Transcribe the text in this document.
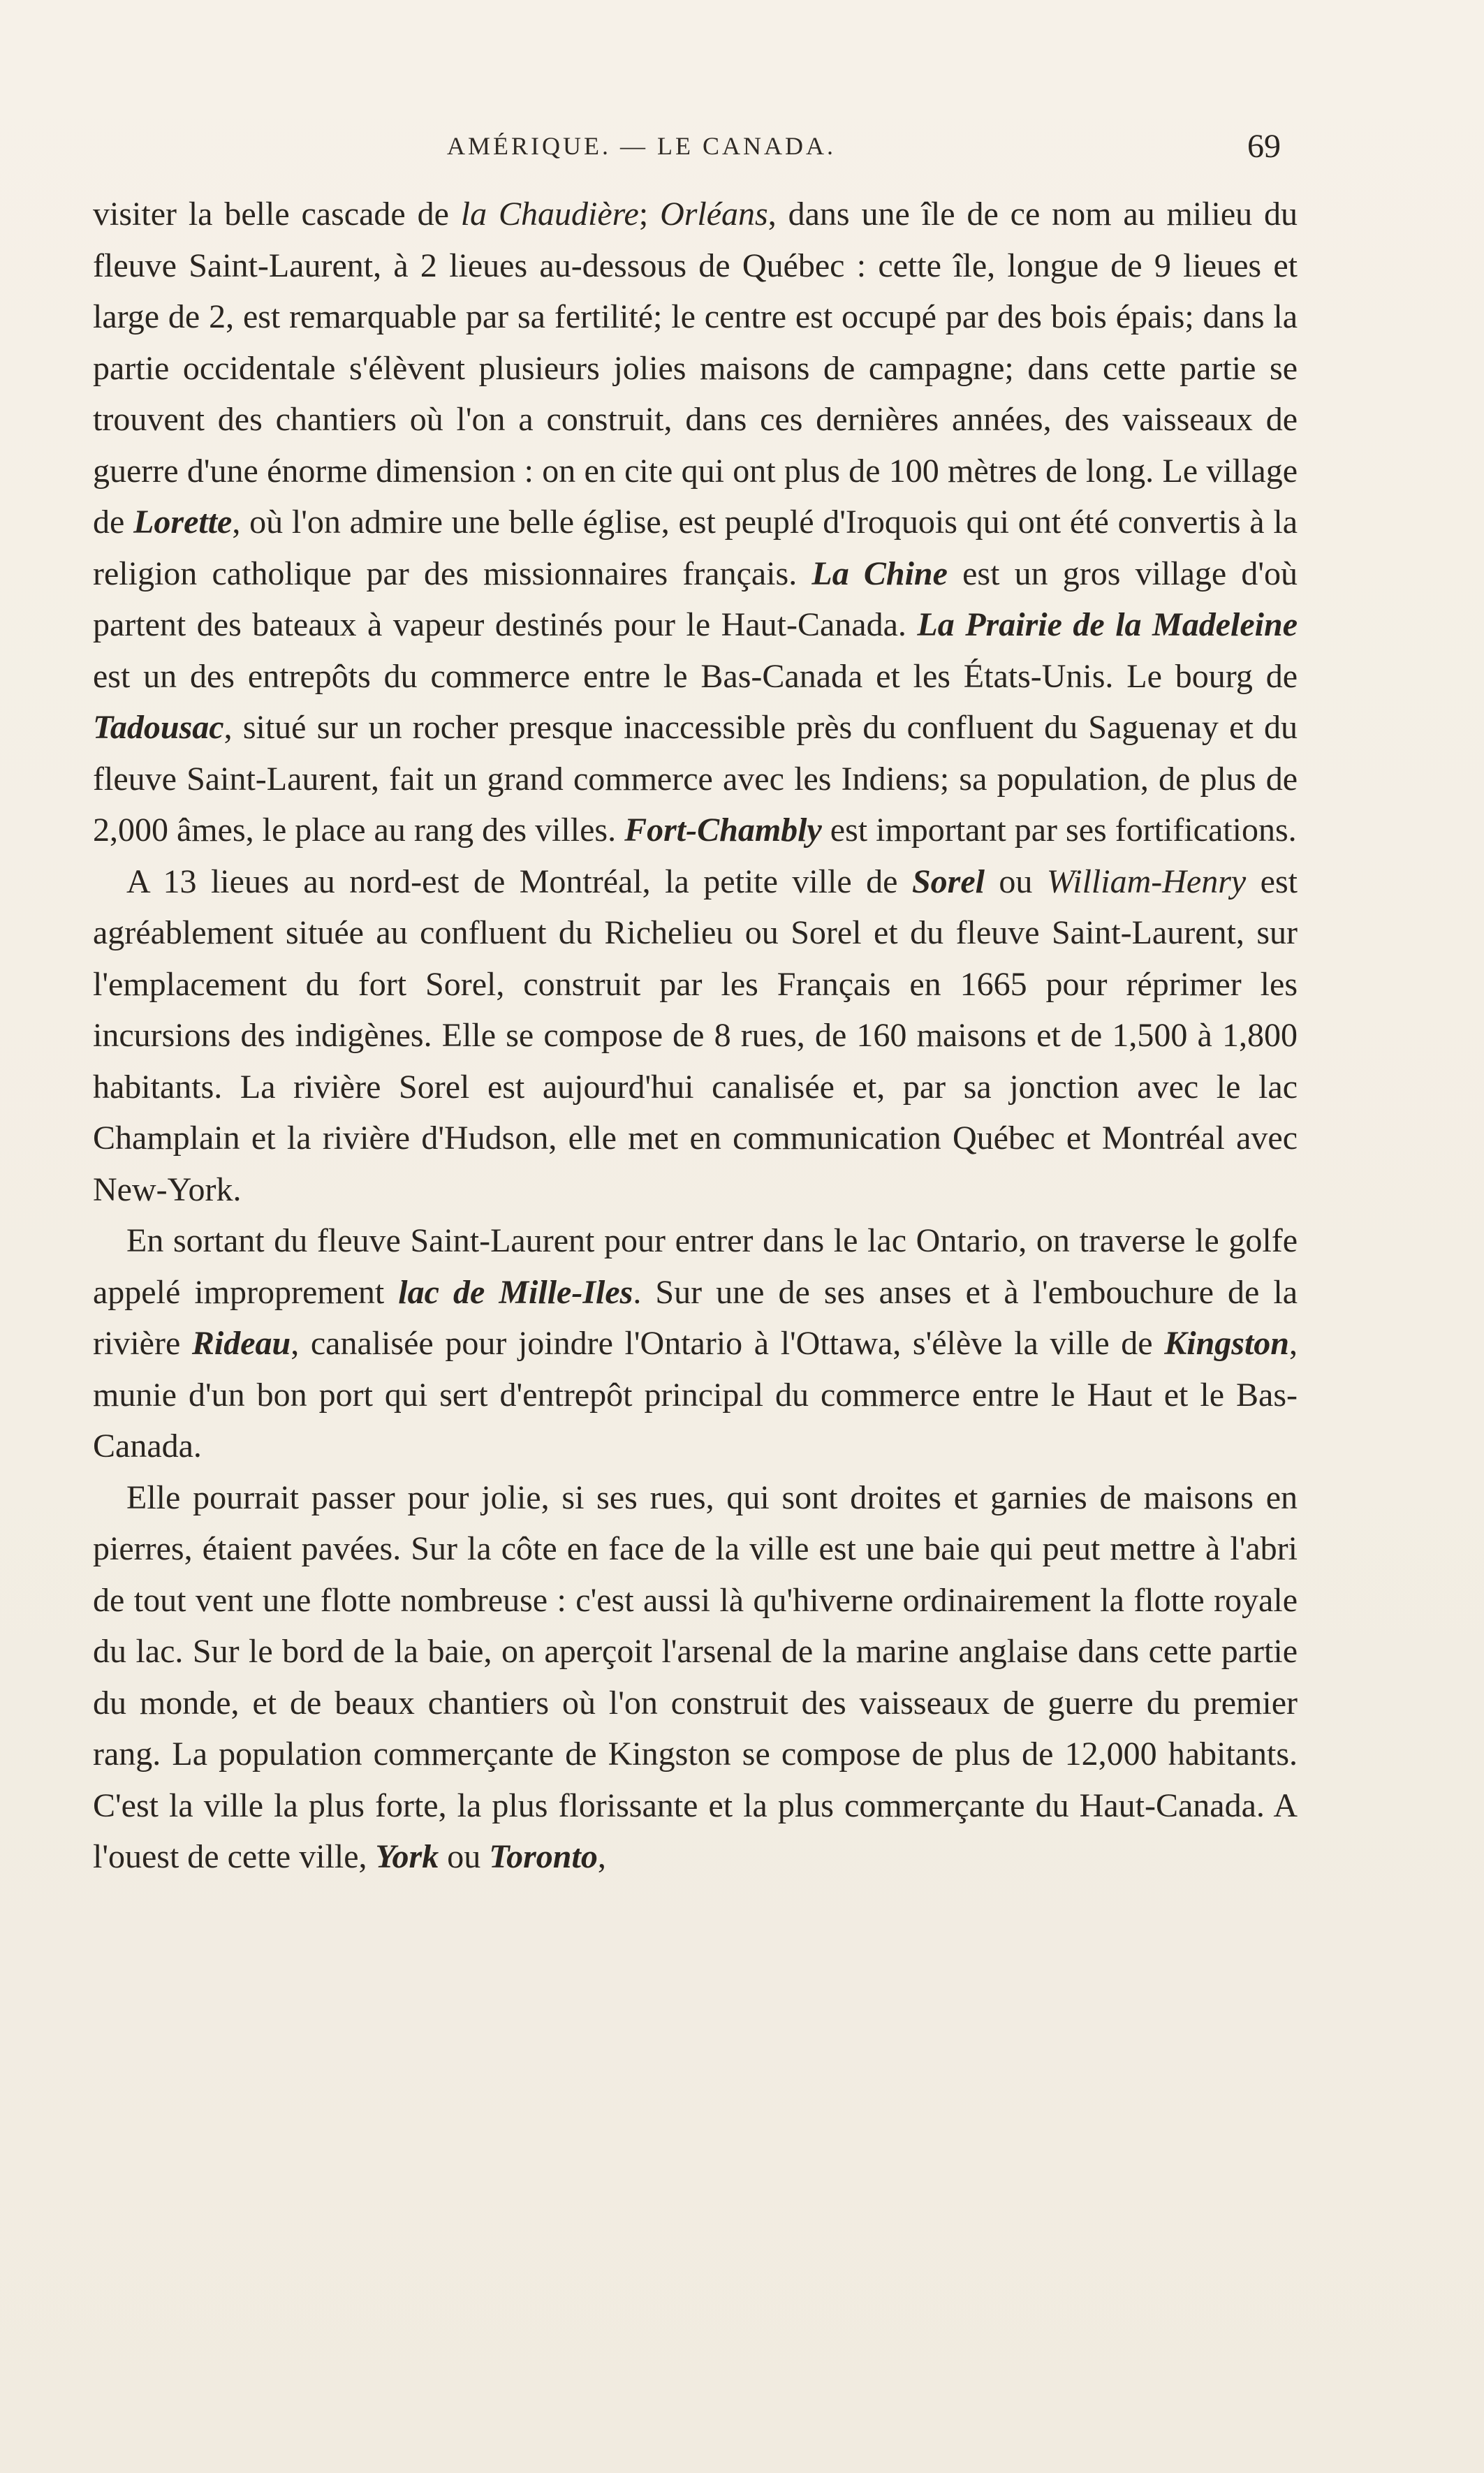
AMÉRIQUE. — LE CANADA.	69

visiter la belle cascade de la Chaudière; Orléans, dans une île de ce nom au milieu du fleuve Saint-Laurent, à 2 lieues au-dessous de Québec : cette île, longue de 9 lieues et large de 2, est remarquable par sa fertilité; le centre est occupé par des bois épais; dans la partie occidentale s'élèvent plusieurs jolies maisons de campagne; dans cette partie se trouvent des chantiers où l'on a construit, dans ces dernières années, des vaisseaux de guerre d'une énorme dimension : on en cite qui ont plus de 100 mètres de long. Le village de Lorette, où l'on admire une belle église, est peuplé d'Iroquois qui ont été convertis à la religion catholique par des missionnaires français. La Chine est un gros village d'où partent des bateaux à vapeur destinés pour le Haut-Canada. La Prairie de la Madeleine est un des entrepôts du commerce entre le Bas-Canada et les États-Unis. Le bourg de Tadousac, situé sur un rocher presque inaccessible près du confluent du Saguenay et du fleuve Saint-Laurent, fait un grand commerce avec les Indiens; sa population, de plus de 2,000 âmes, le place au rang des villes. Fort-Chambly est important par ses fortifications.

A 13 lieues au nord-est de Montréal, la petite ville de Sorel ou William-Henry est agréablement située au confluent du Richelieu ou Sorel et du fleuve Saint-Laurent, sur l'emplacement du fort Sorel, construit par les Français en 1665 pour réprimer les incursions des indigènes. Elle se compose de 8 rues, de 160 maisons et de 1,500 à 1,800 habitants. La rivière Sorel est aujourd'hui canalisée et, par sa jonction avec le lac Champlain et la rivière d'Hudson, elle met en communication Québec et Montréal avec New-York.

En sortant du fleuve Saint-Laurent pour entrer dans le lac Ontario, on traverse le golfe appelé improprement lac de Mille-Iles. Sur une de ses anses et à l'embouchure de la rivière Rideau, canalisée pour joindre l'Ontario à l'Ottawa, s'élève la ville de Kingston, munie d'un bon port qui sert d'entrepôt principal du commerce entre le Haut et le Bas-Canada.

Elle pourrait passer pour jolie, si ses rues, qui sont droites et garnies de maisons en pierres, étaient pavées. Sur la côte en face de la ville est une baie qui peut mettre à l'abri de tout vent une flotte nombreuse : c'est aussi là qu'hiverne ordinairement la flotte royale du lac. Sur le bord de la baie, on aperçoit l'arsenal de la marine anglaise dans cette partie du monde, et de beaux chantiers où l'on construit des vaisseaux de guerre du premier rang. La population commerçante de Kingston se compose de plus de 12,000 habitants. C'est la ville la plus forte, la plus florissante et la plus commerçante du Haut-Canada. A l'ouest de cette ville, York ou Toronto,
